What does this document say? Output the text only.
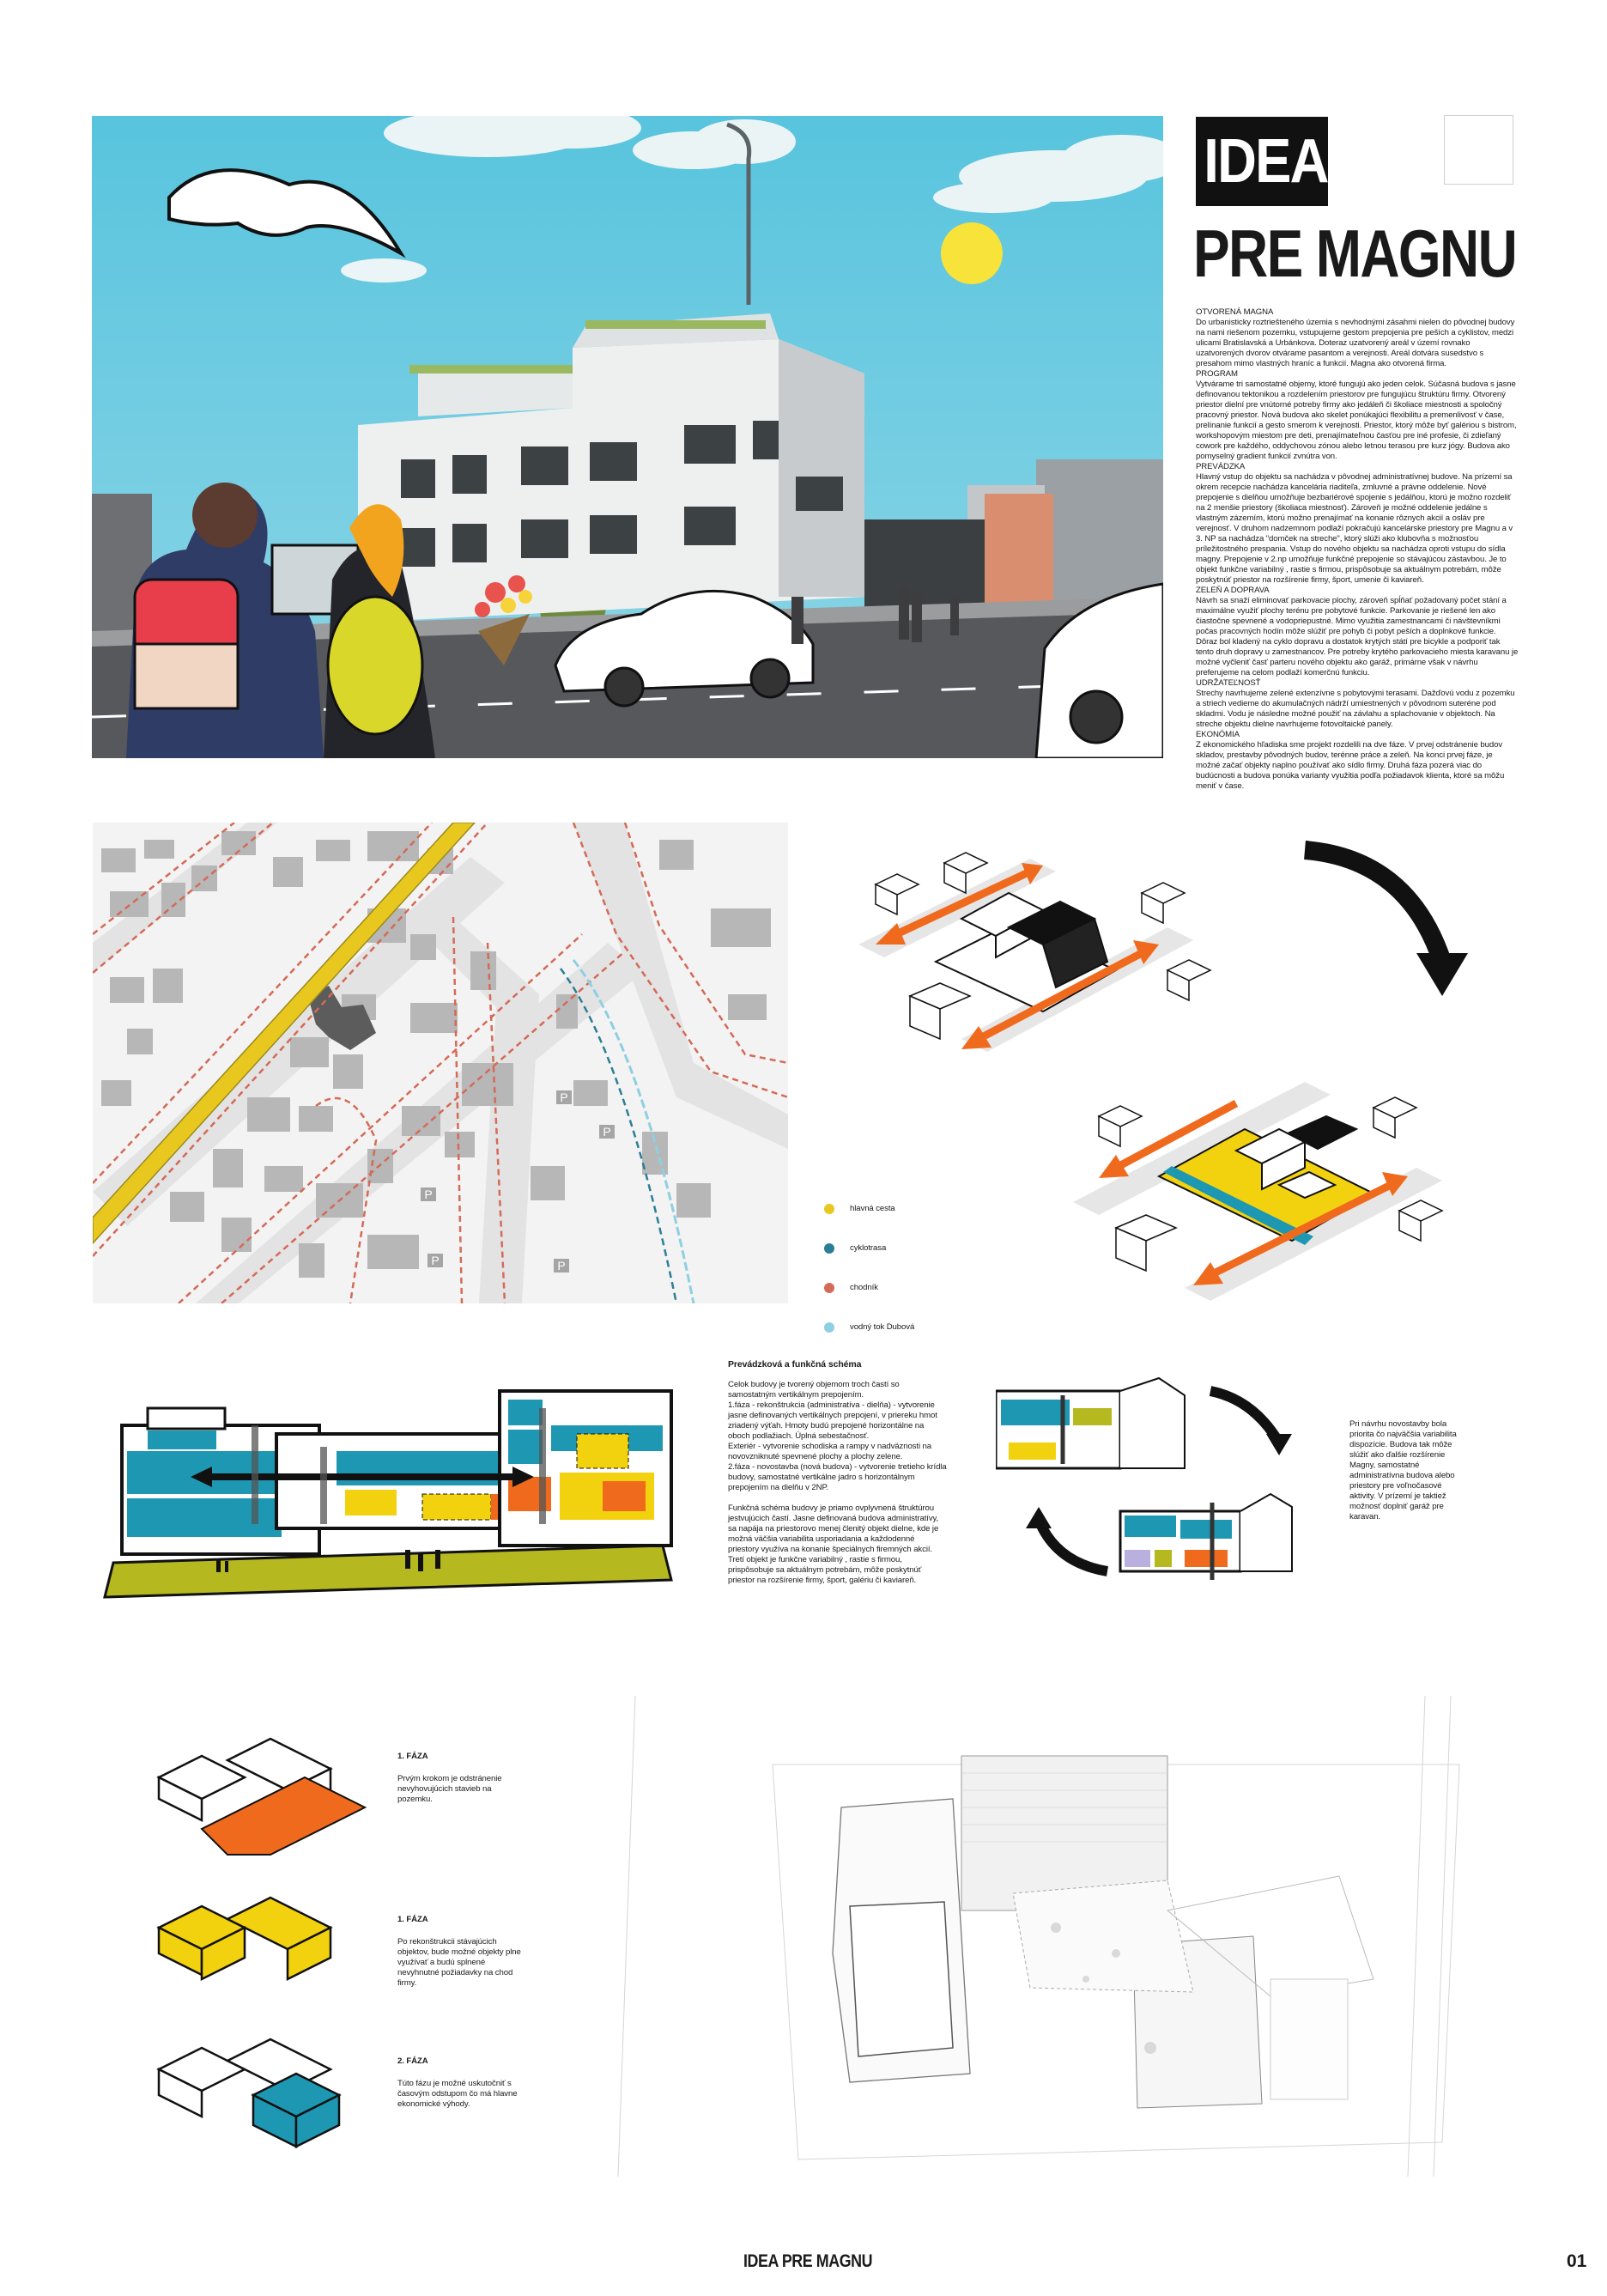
IDEA
PRE MAGNU

OTVORENÁ MAGNA

Do urbanisticky roztriešteného územia s nevhodnými zásahmi nielen do pôvodnej budovy na nami riešenom pozemku, vstupujeme gestom prepojenia pre peších a cyklistov, medzi ulicami Bratislavská a Urbánkova. Doteraz uzatvorený areál v území rovnako uzatvorených dvorov otvárame pasantom a verejnosti. Areál dotvára susedstvo s presahom mimo vlastných hraníc a funkcií. Magna ako otvorená firma.

PROGRAM

Vytvárame tri samostatné objemy, ktoré fungujú ako jeden celok. Súčasná budova s jasne definovanou tektonikou a rozdelením priestorov pre fungujúcu štruktúru firmy. Otvorený priestor dielní pre vnútorné potreby firmy ako jedáleň či školiace miestnosti a spoločný pracovný priestor. Nová budova ako skelet ponúkajúci flexibilitu a premenlivosť v čase, prelínanie funkcií a gesto smerom k verejnosti. Priestor, ktorý môže byť galériou s bistrom, workshopovým miestom pre deti, prenajímateľnou časťou pre iné profesie, či zdieľaný cowork pre každého, oddychovou zónou alebo letnou terasou pre kurz jógy. Budova ako pomyselný gradient funkcií zvnútra von.

PREVÁDZKA

Hlavný vstup do objektu sa nachádza v pôvodnej administratívnej budove. Na prízemí sa okrem recepcie nachádza kancelária riaditeľa, zmluvné a právne oddelenie. Nové prepojenie s dielňou umožňuje bezbariérové spojenie s jedálňou, ktorú je možno rozdeliť na 2 menšie priestory (školiaca miestnosť). Zároveň je možné oddelenie jedálne s vlastným zázemím, ktorú možno prenajímať na konanie rôznych akcií a osláv pre verejnosť. V druhom nadzemnom podlaží pokračujú kancelárske priestory pre Magnu a v 3. NP sa nachádza "domček na streche", ktorý slúži ako klubovňa s možnosťou príležitostného prespania. Vstup do nového objektu sa nachádza oproti vstupu do sídla magny. Prepojenie v 2.np umožňuje funkčné prepojenie so stávajúcou zástavbou. Je to objekt funkčne variabilný , rastie s firmou, prispôsobuje sa aktuálnym potrebám, môže poskytnúť priestor na rozšírenie firmy, šport, umenie či kaviareň.

ZELEŇ A DOPRAVA

Návrh sa snaží eliminovať parkovacie plochy, zároveň spĺňať požadovaný počet stání a maximálne využiť plochy terénu pre pobytové funkcie. Parkovanie je riešené len ako čiastočne spevnené a vodopriepustné. Mimo využitia zamestnancami či návštevníkmi počas pracovných hodín môže slúžiť pre pohyb či pobyt peších a doplnkové funkcie. Dôraz bol kladený na cyklo dopravu a dostatok krytých státí pre bicykle a podporiť tak tento druh dopravy u zamestnancov. Pre potreby krytého parkovacieho miesta karavanu je možné vyčleniť časť parteru nového objektu ako garáž, primárne však v návrhu preferujeme na celom podlaží komerčnú funkciu.

UDRŽATEĽNOSŤ

Strechy navrhujeme zelené extenzívne s pobytovými terasami. Dažďovú vodu z pozemku a striech vedieme do akumulačných nádrží umiestnených v pôvodnom suteréne pod skladmi. Vodu je následne možné použiť na závlahu a splachovanie v objektoch. Na streche objektu dielne navrhujeme fotovoltaické panely.

EKONÓMIA

Z ekonomického hľadiska sme projekt rozdelili na dve fáze. V prvej odstránenie budov skladov, prestavby pôvodných budov, terénne práce a zeleň. Na konci prvej fáze, je možné začať objekty naplno používať ako sídlo firmy. Druhá fáza pozerá viac do budúcnosti a budova ponúka varianty využitia podľa požiadavok klienta, ktoré sa môžu meniť v čase.

P
P
P	P
P
hlavná cesta
cyklotrasa
chodník
vodný tok Dubová

Prevádzková a funkčná schéma

Celok budovy je tvorený objemom troch častí so samostatným vertikálnym prepojením.

1.fáza - rekonštrukcia (administratíva - dielňa) - vytvorenie jasne definovaných vertikálnych prepojení, v priereku hmot zriadený výťah. Hmoty budú prepojené horizontálne na oboch podlažiach. Úplná sebestačnosť.

Exteriér - vytvorenie schodiska a rampy v nadväznosti na novovzniknuté spevnené plochy a plochy zelene.

2.fáza - novostavba (nová budova) - vytvorenie tretieho krídla budovy, samostatné vertikálne jadro s horizontálnym prepojením na dielňu v 2NP.

Funkčná schéma budovy je priamo ovplyvnená štruktúrou jestvujúcich častí. Jasne definovaná budova administratívy, sa napája na priestorovo menej členitý objekt dielne, kde je možná väčšia variabilita usporiadania a každodenné priestory využíva na konanie špeciálnych firemných akcií. Tretí objekt je funkčne variabilný , rastie s firmou, prispôsobuje sa aktuálnym potrebám, môže poskytnúť priestor na rozšírenie firmy, šport, galériu či kaviareň.

Pri návrhu novostavby bola priorita čo najväčšia variabilita dispozície. Budova tak môže slúžiť ako ďalšie rozšírenie Magny, samostatné administratívna budova alebo priestory pre voľnočasové aktivity. V prízemí je taktiež možnosť doplniť garáž pre karavan.

1. FÁZA

Prvým krokom je odstránenie nevyhovujúcich stavieb na pozemku.

1. FÁZA

Po rekonštrukcii stávajúcich objektov, bude možné objekty plne využívať a budú splnené nevyhnutné požiadavky na chod firmy.

2. FÁZA

Túto fázu je možné uskutočniť s časovým odstupom čo má hlavne ekonomické výhody.

IDEA PRE MAGNU	01
